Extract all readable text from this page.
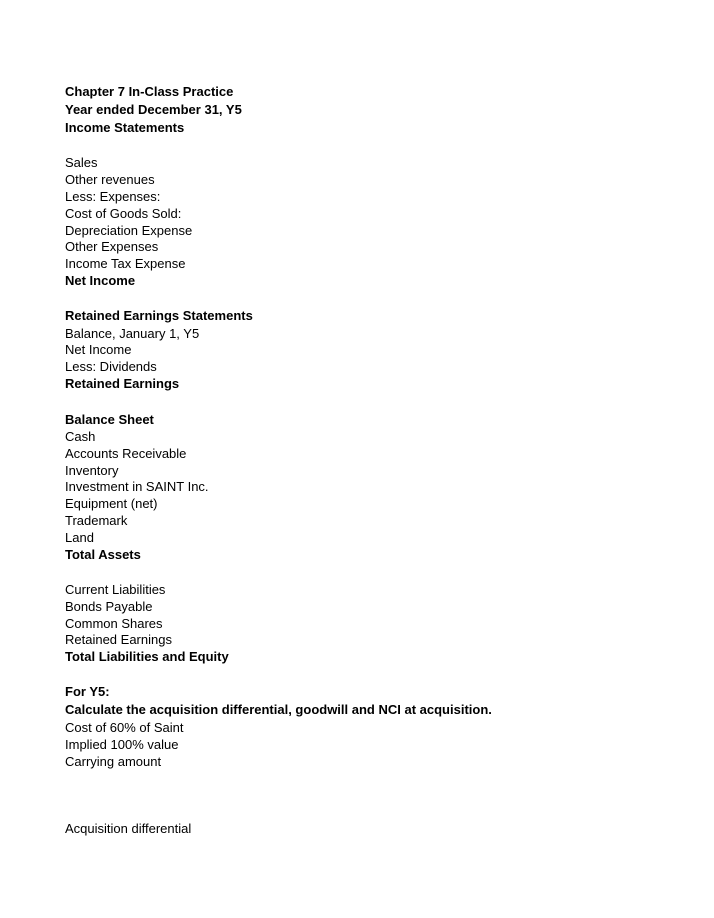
Chapter 7 In-Class Practice
Year ended December 31, Y5
Income Statements
Sales
Other revenues
Less: Expenses:
Cost of Goods Sold:
Depreciation Expense
Other Expenses
Income Tax Expense
Net Income
Retained Earnings Statements
Balance, January 1, Y5
Net Income
Less: Dividends
Retained Earnings
Balance Sheet
Cash
Accounts Receivable
Inventory
Investment in SAINT Inc.
Equipment (net)
Trademark
Land
Total Assets
Current Liabilities
Bonds Payable
Common Shares
Retained Earnings
Total Liabilities and Equity
For Y5:
Calculate the acquisition differential, goodwill and NCI at acquisition.
Cost of 60% of Saint
Implied 100% value
Carrying amount
Acquisition differential
